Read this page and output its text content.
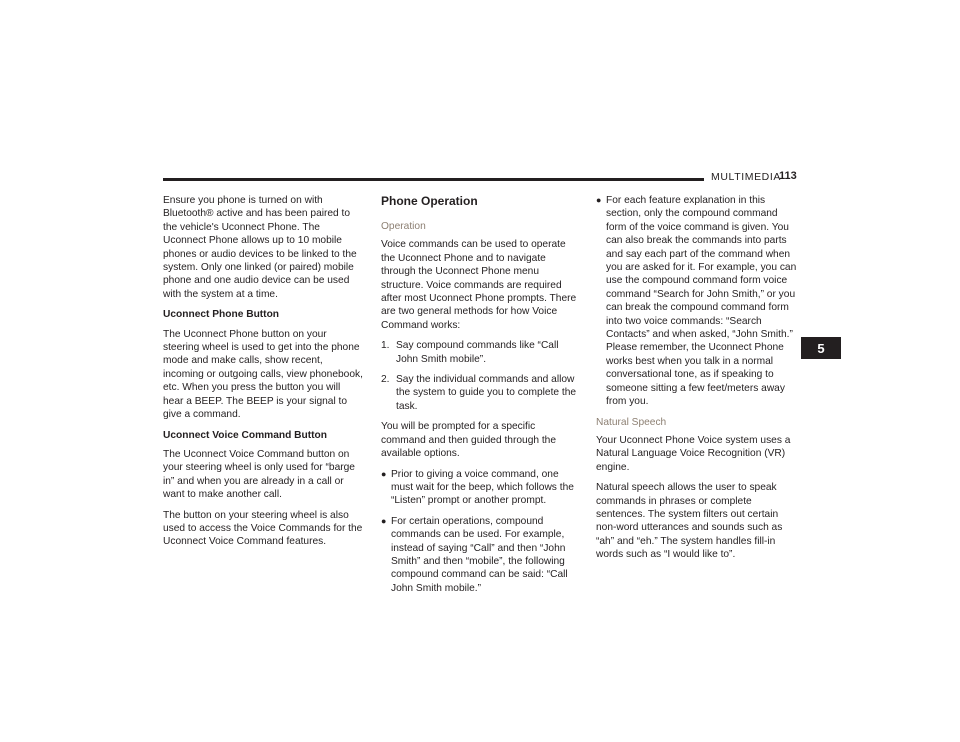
MULTIMEDIA
113
5

Ensure you phone is turned on with Bluetooth® active and has been paired to the vehicle's Uconnect Phone. The Uconnect Phone allows up to 10 mobile phones or audio devices to be linked to the system. Only one linked (or paired) mobile phone and one audio device can be used with the system at a time.

Uconnect Phone Button

The Uconnect Phone button on your steering wheel is used to get into the phone mode and make calls, show recent, incoming or outgoing calls, view phonebook, etc. When you press the button you will hear a BEEP. The BEEP is your signal to give a command.

Uconnect Voice Command Button

The Uconnect Voice Command button on your steering wheel is only used for “barge in” and when you are already in a call or want to make another call.

The button on your steering wheel is also used to access the Voice Commands for the Uconnect Voice Command features.

Phone Operation

Operation

Voice commands can be used to operate the Uconnect Phone and to navigate through the Uconnect Phone menu structure. Voice commands are required after most Uconnect Phone prompts. There are two general methods for how Voice Command works:

1. Say compound commands like “Call John Smith mobile”.
2. Say the individual commands and allow the system to guide you to complete the task.

You will be prompted for a specific command and then guided through the available options.

● Prior to giving a voice command, one must wait for the beep, which follows the “Listen” prompt or another prompt.
● For certain operations, compound commands can be used. For example, instead of saying “Call” and then “John Smith” and then “mobile”, the following compound command can be said: “Call John Smith mobile.”
● For each feature explanation in this section, only the compound command form of the voice command is given. You can also break the commands into parts and say each part of the command when you are asked for it. For example, you can use the compound command form voice command “Search for John Smith,” or you can break the compound command form into two voice commands: “Search Contacts” and when asked, “John Smith.” Please remember, the Uconnect Phone works best when you talk in a normal conversational tone, as if speaking to someone sitting a few feet/meters away from you.

Natural Speech

Your Uconnect Phone Voice system uses a Natural Language Voice Recognition (VR) engine.

Natural speech allows the user to speak commands in phrases or complete sentences. The system filters out certain non-word utterances and sounds such as “ah” and “eh.” The system handles fill-in words such as “I would like to”.
